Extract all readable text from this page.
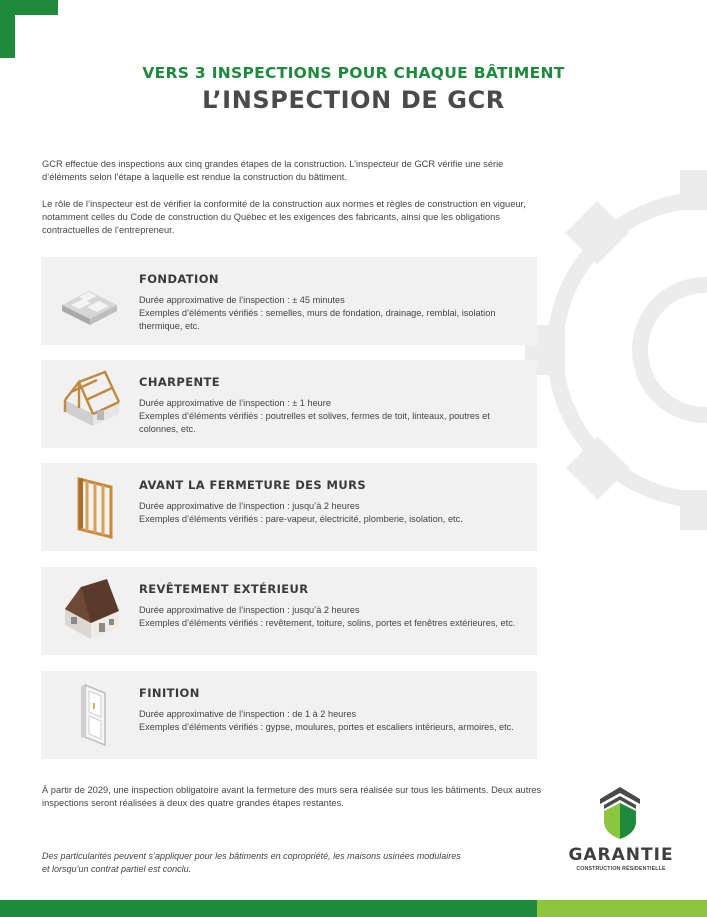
VERS 3 INSPECTIONS POUR CHAQUE BÂTIMENT
L’INSPECTION DE GCR
GCR effectue des inspections aux cinq grandes étapes de la construction. L’inspecteur de GCR vérifie une série d’éléments selon l’étape à laquelle est rendue la construction du bâtiment.
Le rôle de l’inspecteur est de vérifier la conformité de la construction aux normes et règles de construction en vigueur, notamment celles du Code de construction du Québec et les exigences des fabricants, ainsi que les obligations contractuelles de l’entrepreneur.
FONDATION
Durée approximative de l’inspection : ± 45 minutes
Exemples d’éléments vérifiés : semelles, murs de fondation, drainage, remblai, isolation thermique, etc.
CHARPENTE
Durée approximative de l’inspection : ± 1 heure
Exemples d’éléments vérifiés : poutrelles et solives, fermes de toit, linteaux, poutres et colonnes, etc.
AVANT LA FERMETURE DES MURS
Durée approximative de l’inspection : jusqu’à 2 heures
Exemples d’éléments vérifiés : pare-vapeur, électricité, plomberie, isolation, etc.
REVÊTEMENT EXTÉRIEUR
Durée approximative de l’inspection : jusqu’à 2 heures
Exemples d’éléments vérifiés : revêtement, toiture, solins, portes et fenêtres extérieures, etc.
FINITION
Durée approximative de l’inspection : de 1 à 2 heures
Exemples d’éléments vérifiés : gypse, moulures, portes et escaliers intérieurs, armoires, etc.
À partir de 2029, une inspection obligatoire avant la fermeture des murs sera réalisée sur tous les bâtiments. Deux autres inspections seront réalisées à deux des quatre grandes étapes restantes.
Des particularités peuvent s’appliquer pour les bâtiments en copropriété, les maisons usinées modulaires et lorsqu’un contrat partiel est conclu.
GARANTIE
CONSTRUCTION RÉSIDENTIELLE
